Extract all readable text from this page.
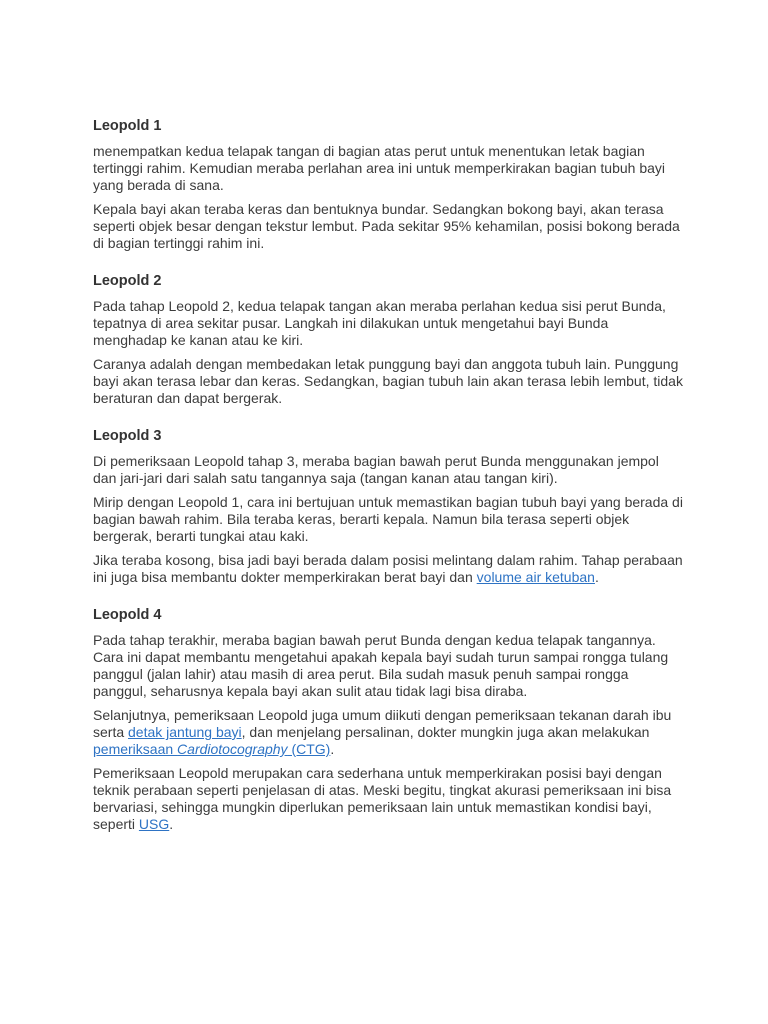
Leopold 1

menempatkan kedua telapak tangan di bagian atas perut untuk menentukan letak bagian tertinggi rahim. Kemudian meraba perlahan area ini untuk memperkirakan bagian tubuh bayi yang berada di sana.

Kepala bayi akan teraba keras dan bentuknya bundar. Sedangkan bokong bayi, akan terasa seperti objek besar dengan tekstur lembut. Pada sekitar 95% kehamilan, posisi bokong berada di bagian tertinggi rahim ini.

Leopold 2

Pada tahap Leopold 2, kedua telapak tangan akan meraba perlahan kedua sisi perut Bunda, tepatnya di area sekitar pusar. Langkah ini dilakukan untuk mengetahui bayi Bunda menghadap ke kanan atau ke kiri.

Caranya adalah dengan membedakan letak punggung bayi dan anggota tubuh lain. Punggung bayi akan terasa lebar dan keras. Sedangkan, bagian tubuh lain akan terasa lebih lembut, tidak beraturan dan dapat bergerak.

Leopold 3

Di pemeriksaan Leopold tahap 3, meraba bagian bawah perut Bunda menggunakan jempol dan jari-jari dari salah satu tangannya saja (tangan kanan atau tangan kiri).

Mirip dengan Leopold 1, cara ini bertujuan untuk memastikan bagian tubuh bayi yang berada di bagian bawah rahim. Bila teraba keras, berarti kepala. Namun bila terasa seperti objek bergerak, berarti tungkai atau kaki.

Jika teraba kosong, bisa jadi bayi berada dalam posisi melintang dalam rahim. Tahap perabaan ini juga bisa membantu dokter memperkirakan berat bayi dan volume air ketuban.

Leopold 4

Pada tahap terakhir, meraba bagian bawah perut Bunda dengan kedua telapak tangannya. Cara ini dapat membantu mengetahui apakah kepala bayi sudah turun sampai rongga tulang panggul (jalan lahir) atau masih di area perut. Bila sudah masuk penuh sampai rongga panggul, seharusnya kepala bayi akan sulit atau tidak lagi bisa diraba.

Selanjutnya, pemeriksaan Leopold juga umum diikuti dengan pemeriksaan tekanan darah ibu serta detak jantung bayi, dan menjelang persalinan, dokter mungkin juga akan melakukan pemeriksaan Cardiotocography (CTG).

Pemeriksaan Leopold merupakan cara sederhana untuk memperkirakan posisi bayi dengan teknik perabaan seperti penjelasan di atas. Meski begitu, tingkat akurasi pemeriksaan ini bisa bervariasi, sehingga mungkin diperlukan pemeriksaan lain untuk memastikan kondisi bayi, seperti USG.
